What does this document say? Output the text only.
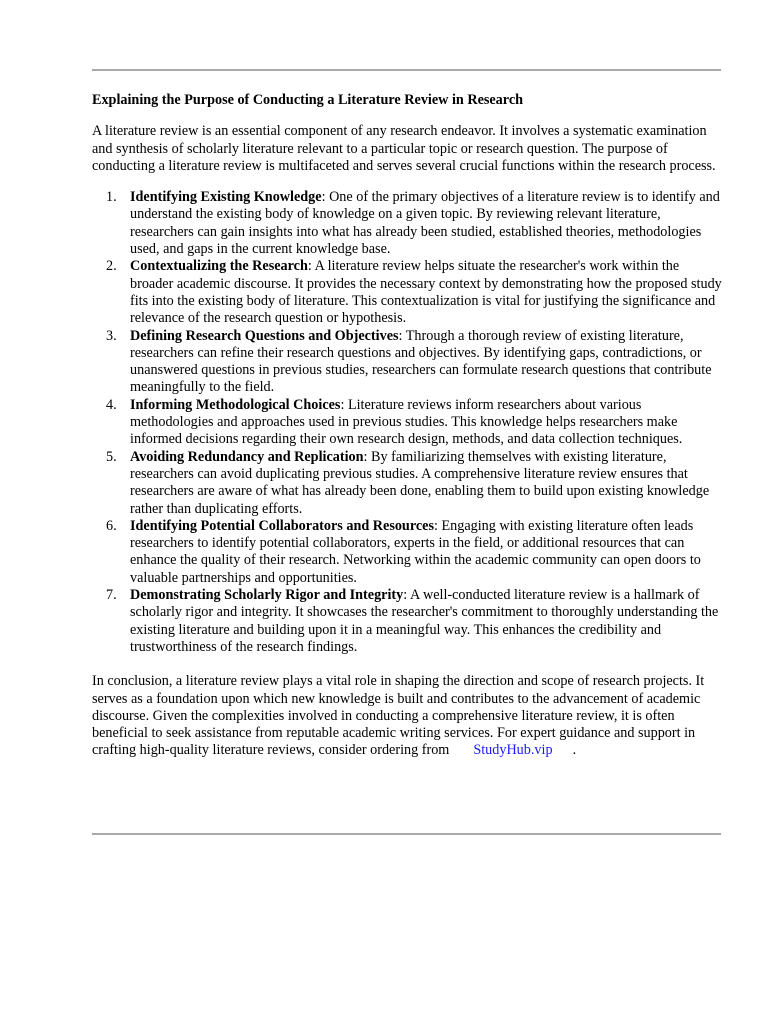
Explaining the Purpose of Conducting a Literature Review in Research

A literature review is an essential component of any research endeavor. It involves a systematic examination and synthesis of scholarly literature relevant to a particular topic or research question. The purpose of conducting a literature review is multifaceted and serves several crucial functions within the research process.

1. Identifying Existing Knowledge: One of the primary objectives of a literature review is to identify and understand the existing body of knowledge on a given topic. By reviewing relevant literature, researchers can gain insights into what has already been studied, established theories, methodologies used, and gaps in the current knowledge base.
2. Contextualizing the Research: A literature review helps situate the researcher's work within the broader academic discourse. It provides the necessary context by demonstrating how the proposed study fits into the existing body of literature. This contextualization is vital for justifying the significance and relevance of the research question or hypothesis.
3. Defining Research Questions and Objectives: Through a thorough review of existing literature, researchers can refine their research questions and objectives. By identifying gaps, contradictions, or unanswered questions in previous studies, researchers can formulate research questions that contribute meaningfully to the field.
4. Informing Methodological Choices: Literature reviews inform researchers about various methodologies and approaches used in previous studies. This knowledge helps researchers make informed decisions regarding their own research design, methods, and data collection techniques.
5. Avoiding Redundancy and Replication: By familiarizing themselves with existing literature, researchers can avoid duplicating previous studies. A comprehensive literature review ensures that researchers are aware of what has already been done, enabling them to build upon existing knowledge rather than duplicating efforts.
6. Identifying Potential Collaborators and Resources: Engaging with existing literature often leads researchers to identify potential collaborators, experts in the field, or additional resources that can enhance the quality of their research. Networking within the academic community can open doors to valuable partnerships and opportunities.
7. Demonstrating Scholarly Rigor and Integrity: A well-conducted literature review is a hallmark of scholarly rigor and integrity. It showcases the researcher's commitment to thoroughly understanding the existing literature and building upon it in a meaningful way. This enhances the credibility and trustworthiness of the research findings.

In conclusion, a literature review plays a vital role in shaping the direction and scope of research projects. It serves as a foundation upon which new knowledge is built and contributes to the advancement of academic discourse. Given the complexities involved in conducting a comprehensive literature review, it is often beneficial to seek assistance from reputable academic writing services. For expert guidance and support in crafting high-quality literature reviews, consider ordering from StudyHub.vip .
